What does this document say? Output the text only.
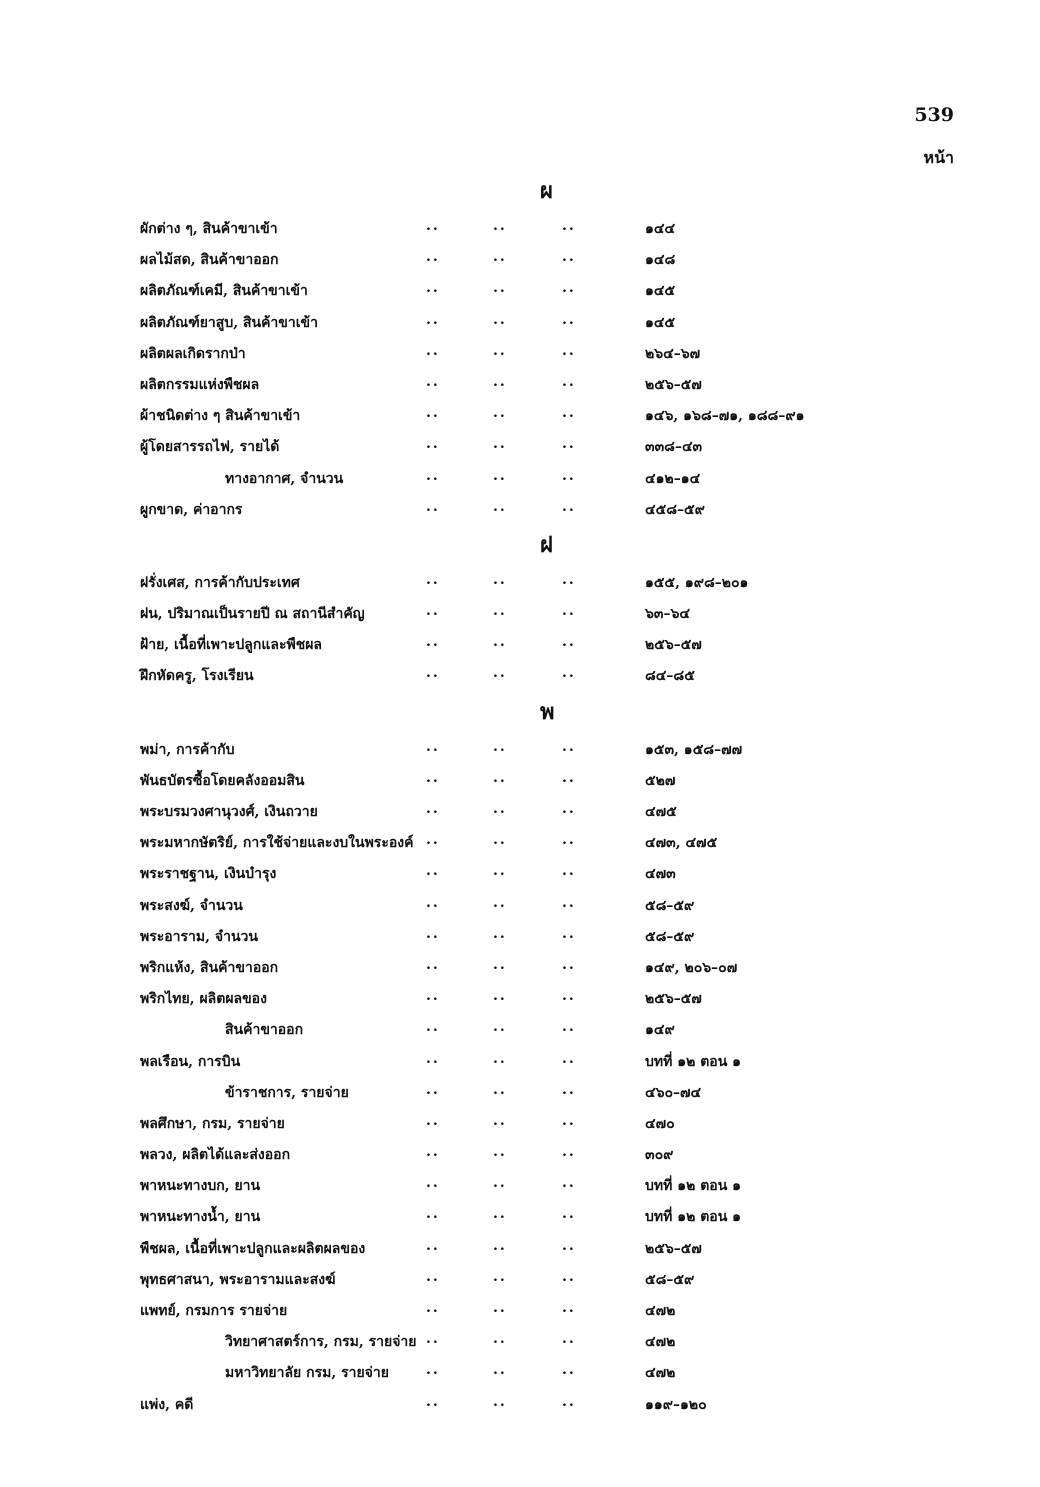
539
หน้า
ผ
ผักต่าง ๆ, สินค้าขาเข้า	..	..	..	๑๔๔
ผลไม้สด, สินค้าขาออก	..	..	..	๑๔๘
ผลิตภัณฑ์เคมี, สินค้าขาเข้า	..	..	..	๑๔๕
ผลิตภัณฑ์ยาสูบ, สินค้าขาเข้า	..	..	..	๑๔๕
ผลิตผลเกิดรากป่า	..	..	..	๒๖๔–๖๗
ผลิตกรรมแห่งพืชผล	..	..	..	๒๕๖–๕๗
ผ้าชนิดต่าง ๆ สินค้าขาเข้า	..	..	..	๑๔๖, ๑๖๘–๗๑, ๑๘๘–๙๑
ผู้โดยสารรถไฟ, รายได้	..	..	..	๓๓๘–๔๓
ทางอากาศ, จำนวน	..	..	..	๔๑๒–๑๔
ผูกขาด, ค่าอากร	..	..	..	๔๕๘–๕๙
ฝ
ฝรั่งเศส, การค้ากับประเทศ	..	..	..	๑๕๕, ๑๙๘–๒๐๑
ฝน, ปริมาณเป็นรายปี ณ สถานีสำคัญ	..	..	..	๖๓–๖๔
ฝ้าย, เนื้อที่เพาะปลูกและพืชผล	..	..	..	๒๕๖–๕๗
ฝึกหัดครู, โรงเรียน	..	..	..	๘๔–๘๕
พ
พม่า, การค้ากับ	..	..	..	๑๕๓, ๑๕๘–๗๗
พันธบัตรซื้อโดยคลังออมสิน	..	..	..	๕๒๗
พระบรมวงศานุวงศ์, เงินถวาย	..	..	..	๔๗๕
พระมหากษัตริย์, การใช้จ่ายและงบในพระองค์ ..	..	..	๔๗๓, ๔๗๕
พระราชฐาน, เงินบำรุง	..	..	..	๔๗๓
พระสงฆ์, จำนวน	..	..	..	๕๘–๕๙
พระอาราม, จำนวน	..	..	..	๕๘–๕๙
พริกแห้ง, สินค้าขาออก	..	..	..	๑๔๙, ๒๐๖–๐๗
พริกไทย, ผลิตผลของ	..	..	..	๒๕๖–๕๗
สินค้าขาออก	..	..	..	๑๔๙
พลเรือน, การบิน	..	..	..	บทที่ ๑๒ ตอน ๑
ข้าราชการ, รายจ่าย	..	..	..	๔๖๐–๗๔
พลศึกษา, กรม, รายจ่าย	..	..	..	๔๗๐
พลวง, ผลิตได้และส่งออก	..	..	..	๓๐๙
พาหนะทางบก, ยาน	..	..	..	บทที่ ๑๒ ตอน ๑
พาหนะทางน้ำ, ยาน	..	..	..	บทที่ ๑๒ ตอน ๑
พืชผล, เนื้อที่เพาะปลูกและผลิตผลของ	..	..	..	๒๕๖–๕๗
พุทธศาสนา, พระอารามและสงฆ์	..	..	..	๕๘–๕๙
แพทย์, กรมการ รายจ่าย	..	..	..	๔๗๒
วิทยาศาสตร์การ, กรม, รายจ่าย ..	..	..	๔๗๒
มหาวิทยาลัย กรม, รายจ่าย	..	..	..	๔๗๒
แพ่ง, คดี	..	..	..	๑๑๙–๑๒๐
